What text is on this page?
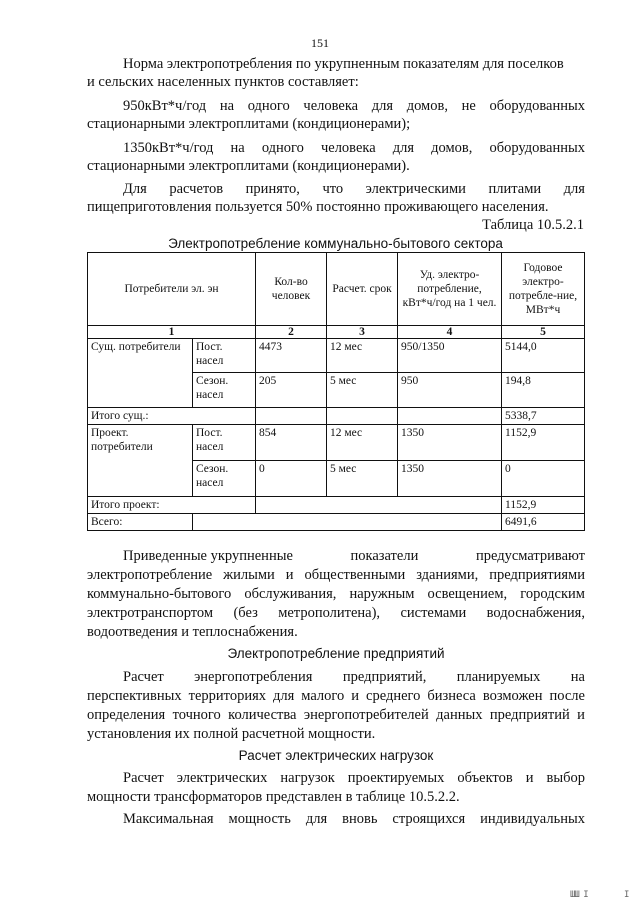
151
Норма электропотребления по укрупненным показателям для поселков
и сельских населенных пунктов составляет:
950кВт*ч/год на одного человека для домов, не оборудованных
стационарными электроплитами (кондиционерами);
1350кВт*ч/год на одного человека для домов, оборудованных
стационарными электроплитами (кондиционерами).
Для расчетов принято, что электрическими плитами для
пищеприготовления пользуется 50% постоянно проживающего населения.
Таблица 10.5.2.1
Электропотребление коммунально-бытового сектора
Потребители эл. эн		Кол-во человек	Расчет. срок	Уд. электро-потребление, кВт*ч/год на 1 чел.	Годовое электро-потребле-ние, МВт*ч
1		2	3	4	5
Сущ. потребители	Пост. насел	4473	12 мес	950/1350	5144,0
	Сезон. насел	205	5 мес	950	194,8
Итого сущ.:					5338,7
Проект. потребители	Пост. насел	854	12 мес	1350	1152,9
	Сезон. насел	0	5 мес	1350	0
Итого проект:					1152,9
Всего:					6491,6
Приведенные укрупненные	показатели	предусматривают
электропотребление жилыми и общественными зданиями, предприятиями
коммунально-бытового обслуживания, наружным освещением, городским
электротранспортом (без метрополитена), системами водоснабжения,
водоотведения и теплоснабжения.
Электропотребление предприятий
Расчет энергопотребления предприятий, планируемых на
перспективных территориях для малого и среднего бизнеса возможен после
определения точного количества энергопотребителей данных предприятий и
установления их полной расчетной мощности.
Расчет электрических нагрузок
Расчет электрических нагрузок проектируемых объектов и выбор
мощности трансформаторов представлен в таблице 10.5.2.2.
Максимальная мощность для вновь строящихся индивидуальных
ШШ I	I
